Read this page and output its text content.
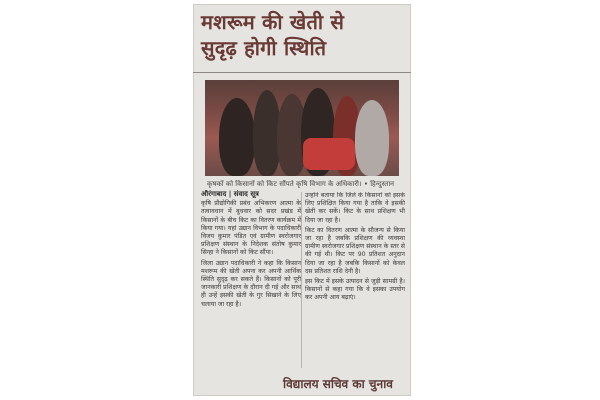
मशरूम की खेती से
सुदृढ़ होगी स्थिति
कृषकों को किसानों को किट सौंपते कृषि विभाग के अधिकारी। • हिन्दुस्तान
औरंगाबाद | संवाद सूत्र

कृषि प्रौद्योगिकी प्रबंध अभिकरण आत्मा के तत्वावधान में बुधवार को सदर प्रखंड में किसानों के बीच किट का वितरण कार्यक्रम में किया गया। यहां उद्यान विभाग के पदाधिकारी विजय कुमार पंडित एवं ग्रामीण स्वरोजगार प्रशिक्षण संस्थान के निदेशक संतोष कुमार सिन्हा ने किसानों को किट सौंपा।

जिला उद्यान पदाधिकारी ने कहा कि किसान मशरूम की खेती अपना कर अपनी आर्थिक स्थिति सुदृढ़ कर सकते हैं। किसानों को पूरी जानकारी प्रशिक्षण के दौरान दी गई और साथ ही उन्हें इसकी खेती के गुर सिखाने के लिए चलाया जा रहा है।

उन्होंने बताया कि जिले के किसानों को इसके लिए प्रशिक्षित किया गया है ताकि वे इसकी खेती कर सकें। किट के साथ प्रशिक्षण भी दिया जा रहा है।

किट का वितरण आत्मा के सौजन्य से किया जा रहा है जबकि प्रशिक्षण की व्यवस्था ग्रामीण स्वरोजगार प्रशिक्षण संस्थान के स्तर से की गई थी। किट पर 90 प्रतिशत अनुदान दिया जा रहा है जबकि किसानों को केवल दस प्रतिशत राशि देनी है।

इस किट में इसके उत्पादन से जुड़ी सामग्री है। किसानों से कहा गया कि वे इसका उपयोग कर अपनी आय बढ़ाएं।

विद्यालय सचिव का चुनाव
